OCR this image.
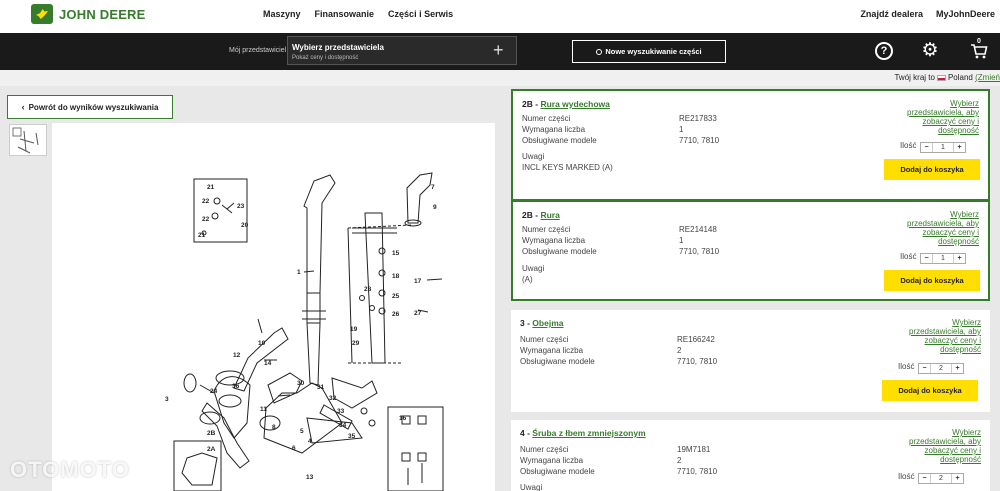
JOHN DEERE	Maszyny Finansowanie Części i Serwis	Znajdź dealera MyJohnDeere
Mój przedstawiciel Wybierz przedstawiciela
Pokaż ceny i dostępność	+	Nowe wyszukiwanie części	? ⚙	0
Twój kraj to Poland (Zmień
‹ Powrót do wyników wyszukiwania
21
22
23
22
21
20
1
9
7
15
18
25
26
28
19
29
17
27
10
12
14
24
3
36
11
2B
30
31
32
33
34
35
8
5
4
6
13
16
2A
OTOMOTO
2B - Rura wydechowa
Numer części	RE217833
Wymagana liczba	1
Obsługiwane modele	7710, 7810
Uwagi
INCL KEYS MARKED (A)
Wybierz przedstawiciela, aby zobaczyć ceny i dostępność
Ilość	−	1	+
Dodaj do koszyka
2B - Rura
Numer części	RE214148
Wymagana liczba	1
Obsługiwane modele	7710, 7810
Uwagi
(A)
Wybierz przedstawiciela, aby zobaczyć ceny i dostępność
Ilość	−	1	+
Dodaj do koszyka
3 - Obejma
Numer części	RE166242
Wymagana liczba	2
Obsługiwane modele	7710, 7810
Wybierz przedstawiciela, aby zobaczyć ceny i dostępność
Ilość	−	2	+
Dodaj do koszyka
4 - Śruba z łbem zmniejszonym
Numer części	19M7181
Wymagana liczba	2
Obsługiwane modele	7710, 7810
Uwagi
Wybierz przedstawiciela, aby zobaczyć ceny i dostępność
Ilość	−	2	+
